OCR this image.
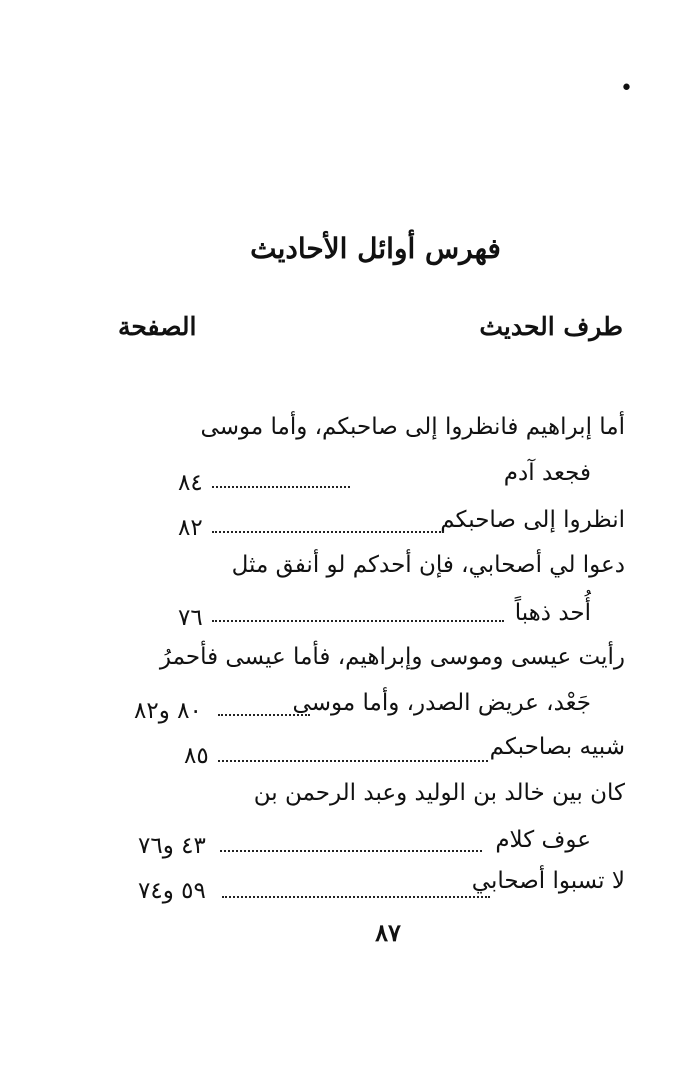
•
فهرس أوائل الأحاديث
طرف الحديث
الصفحة
أما إبراهيم فانظروا إلى صاحبكم، وأما موسى
فجعد آدم
٨٤
انظروا إلى صاحبكم
٨٢
دعوا لي أصحابي، فإن أحدكم لو أنفق مثل
أُحد ذهباً
٧٦
رأيت عيسى وموسى وإبراهيم، فأما عيسى فأحمرُ
جَعْد، عريض الصدر، وأما موسى
٨٠ و٨٢
شبيه بصاحبكم
٨٥
كان بين خالد بن الوليد وعبد الرحمن بن
عوف كلام
٤٣ و٧٦
لا تسبوا أصحابي
٥٩ و٧٤
٨٧
